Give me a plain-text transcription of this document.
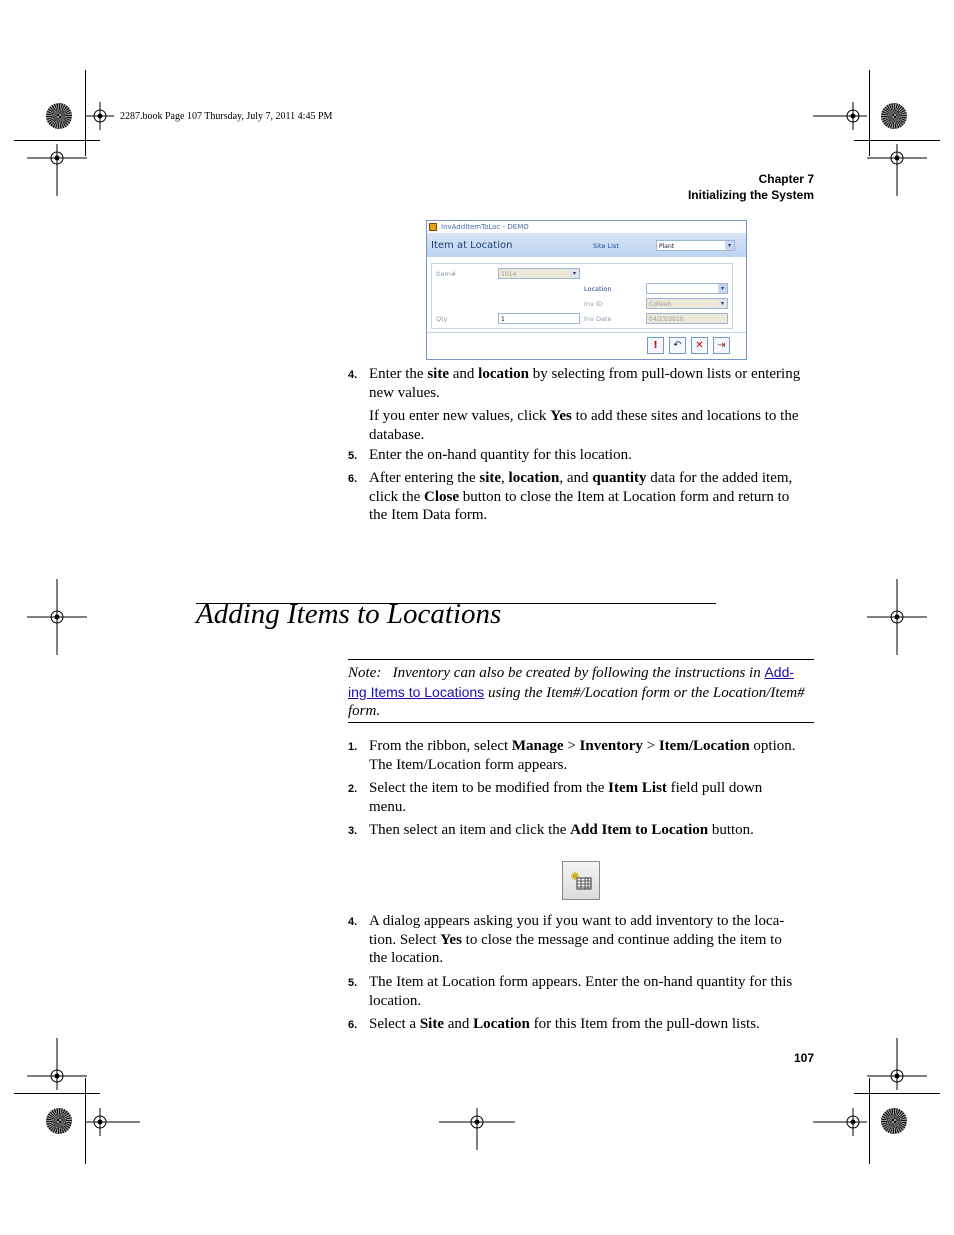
2287.book Page 107 Thursday, July 7, 2011 4:45 PM
Chapter 7
Initializing the System
InvAddItemToLoc - DEMO
Item at Location	Site List	Plant	▾
Item#	1014	▾
Location	▾
Inv ID	Colleen	▾
Qty	1	Inv Date	04/23/2010
!	↶	✕	⇥
4. Enter the site and location by selecting from pull-down lists or entering
new values.
If you enter new values, click Yes to add these sites and locations to the
database.
5. Enter the on-hand quantity for this location.
6. After entering the site, location, and quantity data for the added item,
click the Close button to close the Item at Location form and return to
the Item Data form.
Adding Items to Locations
Note: Inventory can also be created by following the instructions in Add-
ing Items to Locations using the Item#/Location form or the Location/Item#
form.
1. From the ribbon, select Manage > Inventory > Item/Location option.
The Item/Location form appears.
2. Select the item to be modified from the Item List field pull down
menu.
3. Then select an item and click the Add Item to Location button.
4. A dialog appears asking you if you want to add inventory to the loca-
tion. Select Yes to close the message and continue adding the item to
the location.
5. The Item at Location form appears. Enter the on-hand quantity for this
location.
6. Select a Site and Location for this Item from the pull-down lists.
107
